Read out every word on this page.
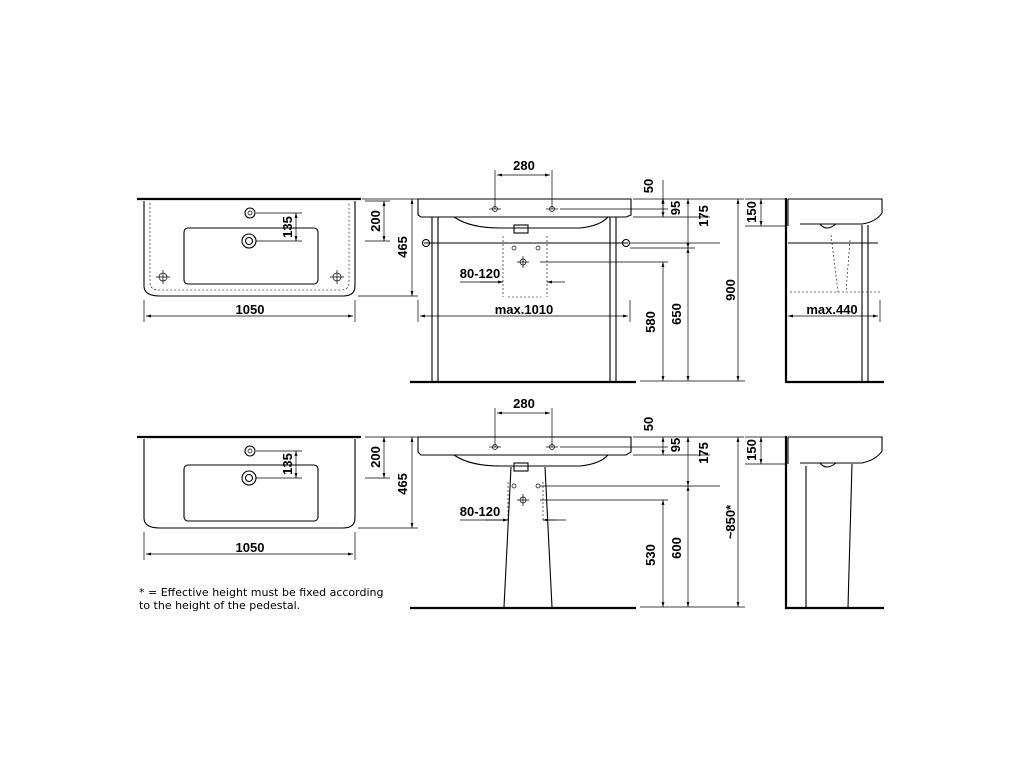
1050
135	200
465
280
50
95 175
80-120
max.1010
580 650
900
150
max.440
1050
135	200
465
280
50
95 175
80-120
530 600
~850*
150
* = Effective height must be fixed according
to the height of the pedestal.
